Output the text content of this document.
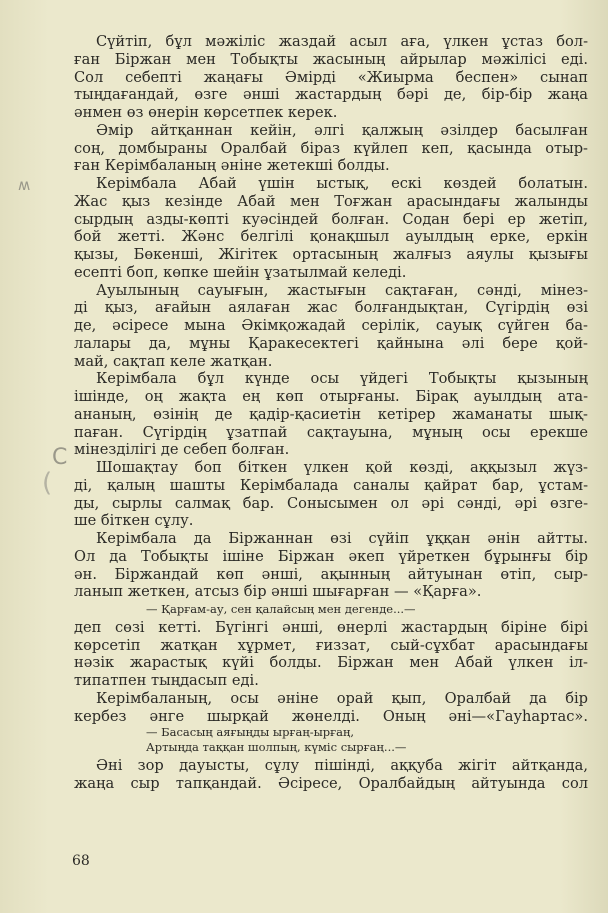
ʍ
C
(
Сүйтіп, бұл мәжіліс жаздай асыл аға, үлкен ұстаз бол-
ған Біржан мен Тобықты жасының айрылар мәжілісі еді.
Сол себепті жаңағы Әмірді «Жиырма беспен» сынап
тыңдағандай, өзге әнші жастардың бәрі де, бір-бір жаңа
әнмен өз өнерін көрсетпек керек.
Әмір айтқаннан кейін, әлгі қалжың әзілдер басылған
соң, домбыраны Оралбай біраз күйлеп кеп, қасында отыр-
ған Керімбаланың әніне жетекші болды.
Керімбала Абай үшін ыстық, ескі көздей болатын.
Жас қыз кезінде Абай мен Тоғжан арасындағы жалынды
сырдың азды-көпті куәсіндей болған. Содан бері ер жетіп,
бой жетті. Жәнс белгілі қонақшыл ауылдың ерке, еркін
қызы, Бөкенші, Жігітек ортасының жалғыз аяулы қызығы
есепті боп, көпке шейін ұзатылмай келеді.
Ауылының сауығын, жастығын сақтаған, сәнді, мінез-
ді қыз, ағайын аялаған жас болғандықтан, Сүгірдің өзі
де, әсіресе мына Әкімқожадай серілік, сауық сүйген ба-
лалары да, мұны Қаракесектегі қайнына әлі бере қой-
май, сақтап келе жатқан.
Керімбала бұл күнде осы үйдегі Тобықты қызының
ішінде, оң жақта ең көп отырғаны. Бірақ ауылдың ата-
ананың, өзінің де қадір-қасиетін кетірер жаманаты шық-
паған. Сүгірдің ұзатпай сақтауына, мұның осы ерекше
мінезділігі де себеп болған.
Шошақтау боп біткен үлкен қой көзді, аққызыл жүз-
ді, қалың шашты Керімбалада саналы қайрат бар, ұстам-
ды, сырлы салмақ бар. Сонысымен ол әрі сәнді, әрі өзге-
ше біткен сұлу.
Керімбала да Біржаннан өзі сүйіп ұққан әнін айтты.
Ол да Тобықты ішіне Біржан әкеп үйреткен бұрынғы бір
ән. Біржандай көп әнші, ақынның айтуынан өтіп, сыр-
ланып жеткен, атсыз бір әнші шығарған — «Қарға».
— Қарғам-ау, сен қалайсың мен дегенде...—
деп сөзі кетті. Бүгінгі әнші, өнерлі жастардың біріне бірі
көрсетіп жатқан хұрмет, ғиззат, сый-сұхбат арасындағы
нәзік жарастық күйі болды. Біржан мен Абай үлкен іл-
типатпен тыңдасып еді.
Керімбаланың, осы әніне орай қып, Оралбай да бір
кербез әнге шырқай жөнелді. Оның әні—«Гауһартас».
— Басасың аяғыңды ырғаң-ырғаң,
Артыңда таққан шолпың, күміс сырғаң...—
Әні зор дауысты, сұлу пішінді, аққуба жігіт айтқанда,
жаңа сыр тапқандай. Әсіресе, Оралбайдың айтуында сол
68
